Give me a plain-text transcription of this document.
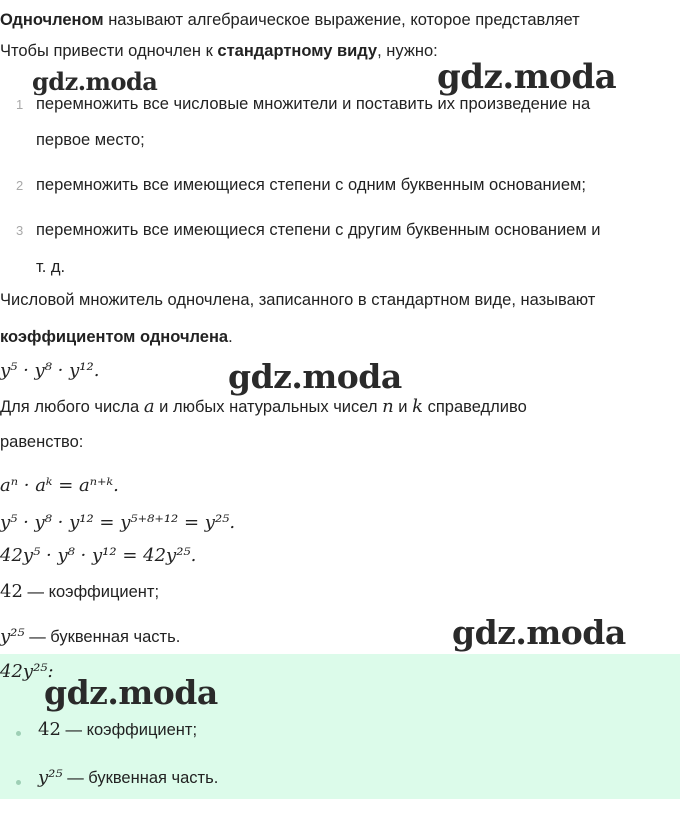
Одночленом называют алгебраическое выражение, которое представляет
Чтобы привести одночлен к стандартному виду, нужно:
1 перемножить все числовые множители и поставить их произведение на
первое место;
2 перемножить все имеющиеся степени с одним буквенным основанием;
3 перемножить все имеющиеся степени с другим буквенным основанием и
т. д.
Числовой множитель одночлена, записанного в стандартном виде, называют
коэффициентом одночлена.
y⁵ · y⁸ · y¹².
Для любого числа a и любых натуральных чисел n и k справедливо
равенство:
aⁿ · aᵏ = aⁿ⁺ᵏ.
y⁵ · y⁸ · y¹² = y⁵⁺⁸⁺¹² = y²⁵.
42y⁵ · y⁸ · y¹² = 42y²⁵.
42 — коэффициент;
y²⁵ — буквенная часть.
42y²⁵:
42 — коэффициент;
y²⁵ — буквенная часть.
gdz.moda	gdz.moda
gdz.moda
gdz.moda
gdz.moda
